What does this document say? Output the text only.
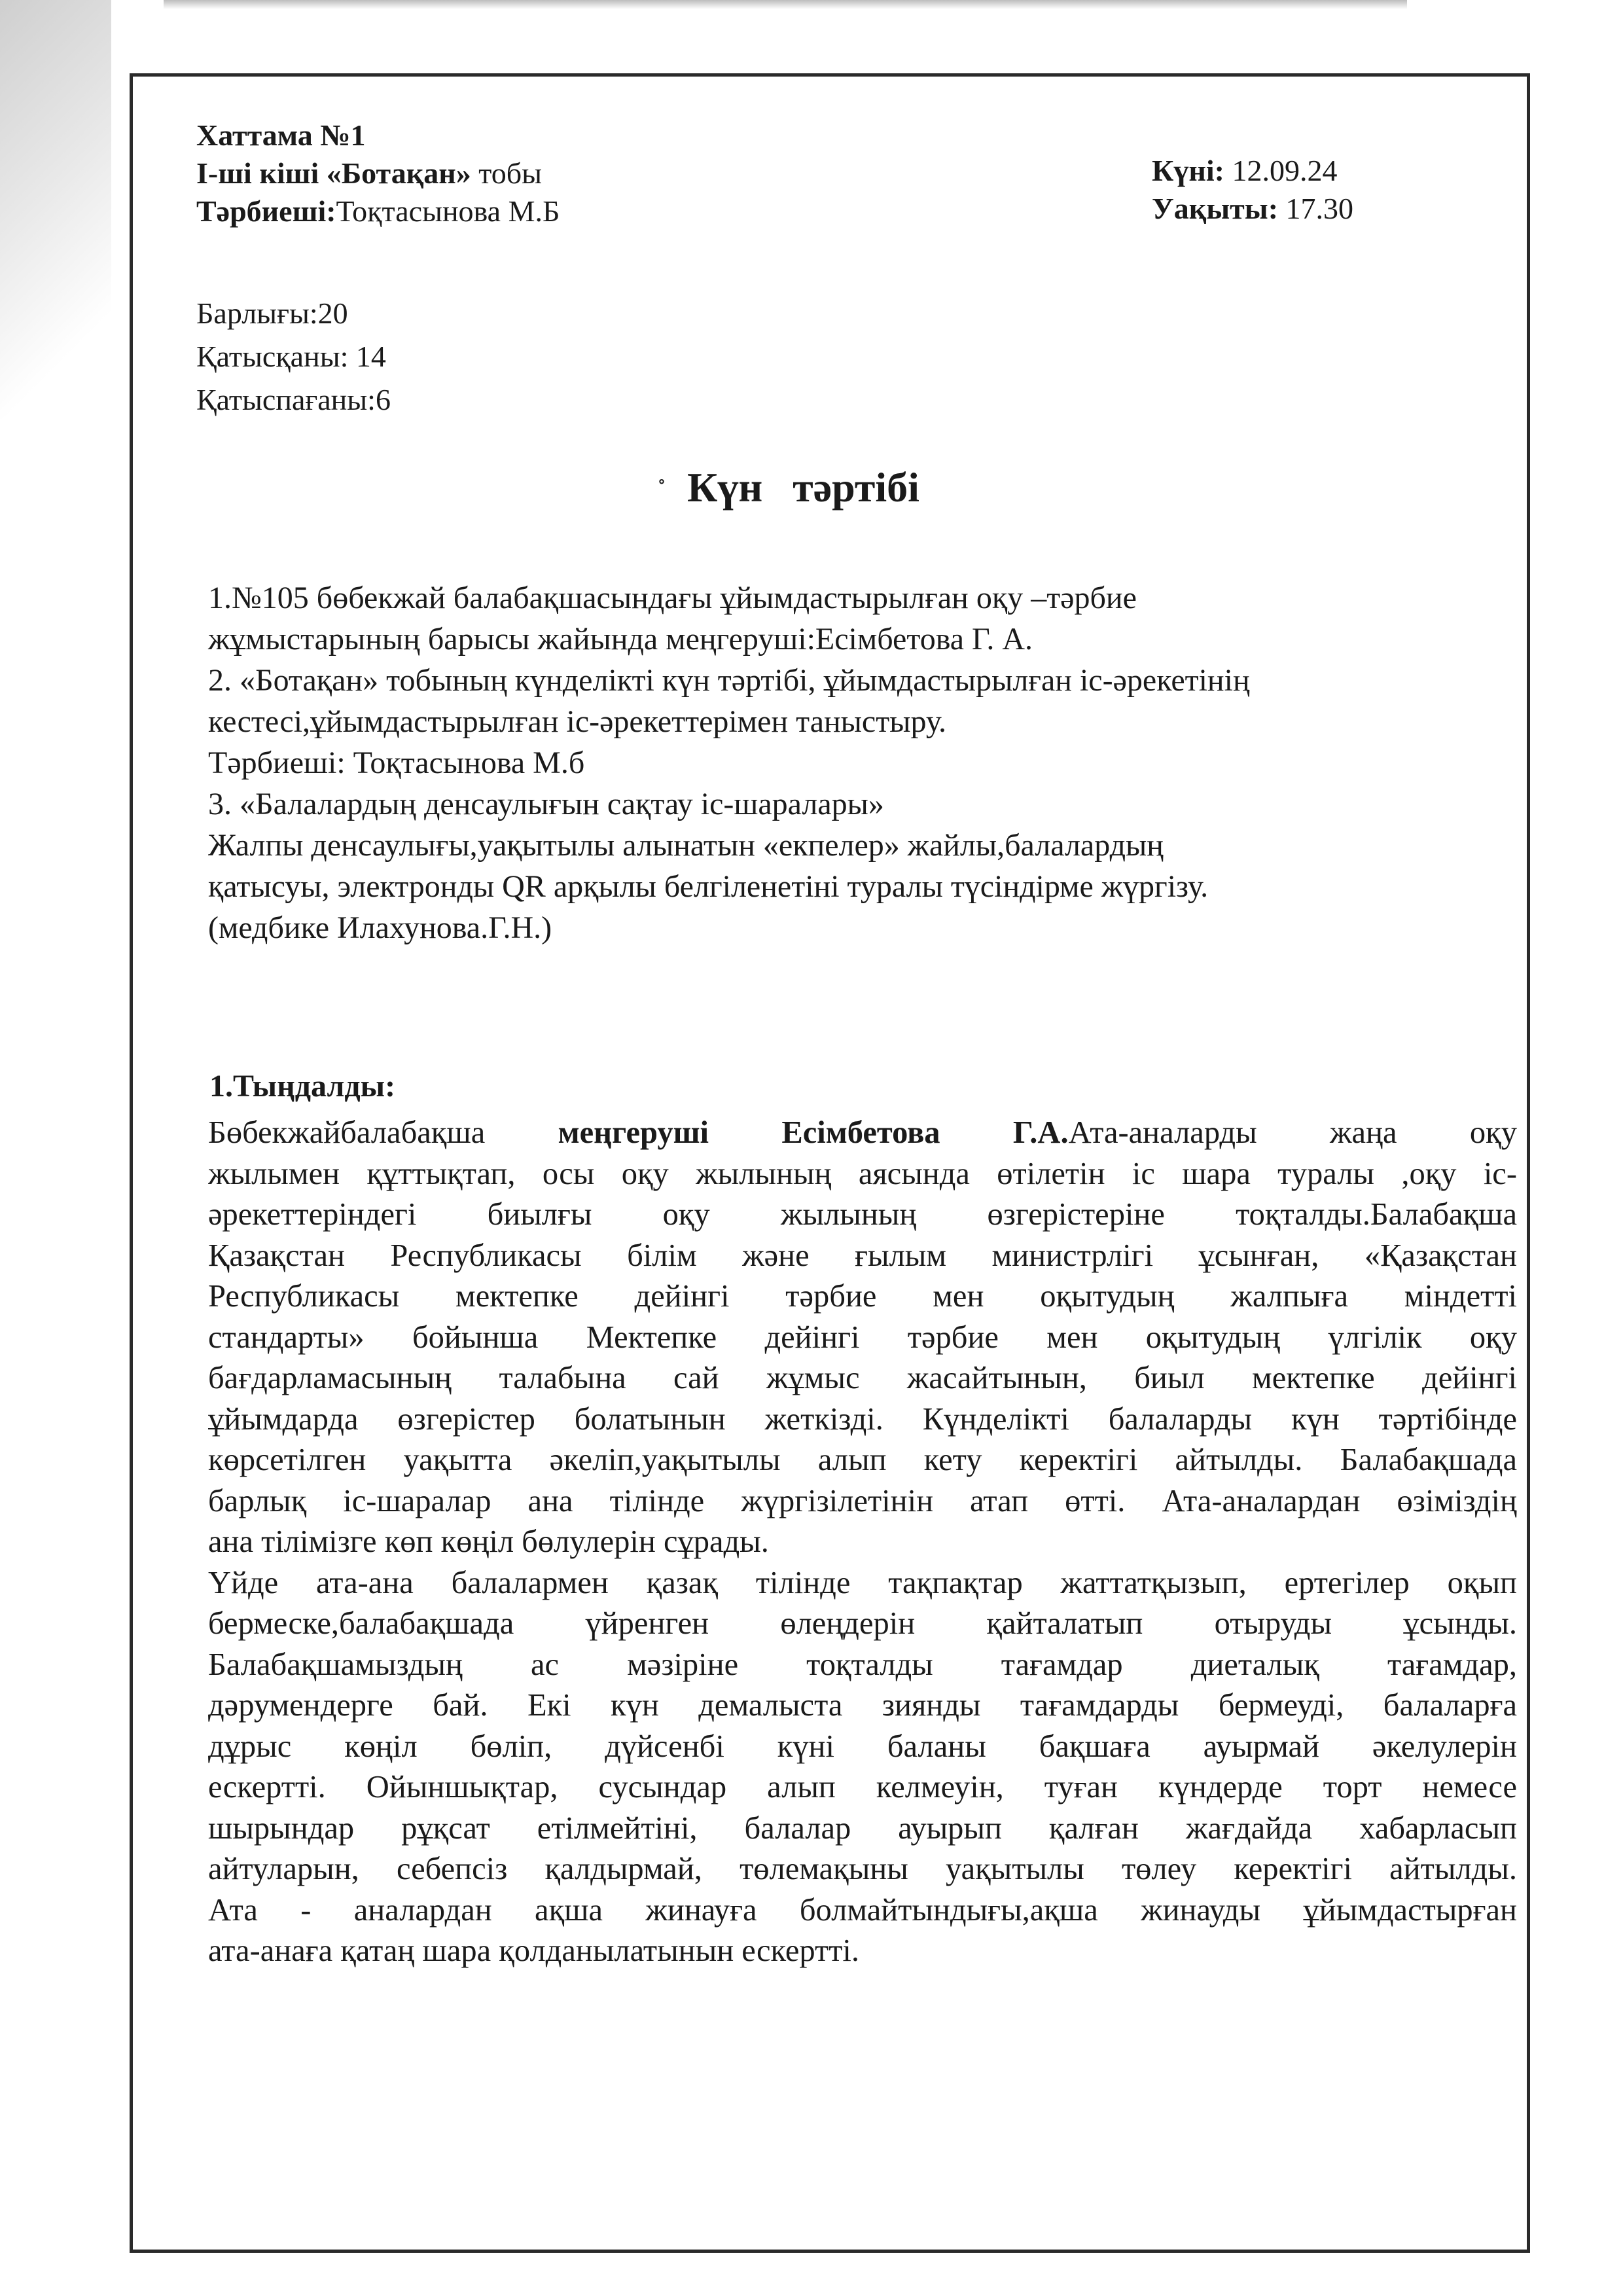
Хаттама №1
І-ші кіші «Ботақан» тобы
Тәрбиеші:Тоқтасынова М.Б
Күні: 12.09.24
Уақыты: 17.30
Барлығы:20
Қатысқаны: 14
Қатыспағаны:6
˚ Күн тәртібі
1.№105 бөбекжай балабақшасындағы ұйымдастырылған оқу –тәрбие
жұмыстарының барысы жайында меңгеруші:Есімбетова Г. А.
2. «Ботақан» тобының күнделікті күн тәртібі, ұйымдастырылған іс-әрекетінің
кестесі,ұйымдастырылған іс-әрекеттерімен таныстыру.
Тәрбиеші: Тоқтасынова М.б
3. «Балалардың денсаулығын сақтау іс-шаралары»
Жалпы денсаулығы,уақытылы алынатын «екпелер» жайлы,балалардың
қатысуы, электронды QR арқылы белгіленетіні туралы түсіндірме жүргізу.
(медбике Илахунова.Г.Н.)
1.Тыңдалды:
Бөбекжайбалабақша меңгеруші Есімбетова Г.А.Ата-аналарды жаңа оқу
жылымен құттықтап, осы оқу жылының аясында өтілетін іс шара туралы ,оқу іс-
әрекеттеріндегі биылғы оқу жылының өзгерістеріне тоқталды.Балабақша
Қазақстан Республикасы білім және ғылым министрлігі ұсынған, «Қазақстан
Республикасы мектепке дейінгі тәрбие мен оқытудың жалпыға міндетті
стандарты» бойынша Мектепке дейінгі тәрбие мен оқытудың үлгілік оқу
бағдарламасының талабына сай жұмыс жасайтынын, биыл мектепке дейінгі
ұйымдарда өзгерістер болатынын жеткізді. Күнделікті балаларды күн тәртібінде
көрсетілген уақытта әкеліп,уақытылы алып кету керектігі айтылды. Балабақшада
барлық іс-шаралар ана тілінде жүргізілетінін атап өтті. Ата-аналардан өзіміздің
ана тілімізге көп көңіл бөлулерін сұрады.
Үйде ата-ана балалармен қазақ тілінде тақпақтар жаттатқызып, ертегілер оқып
бермеске,балабақшада үйренген өлеңдерін қайталатып отыруды ұсынды.
Балабақшамыздың ас мәзіріне тоқталды тағамдар диеталық тағамдар,
дәрумендерге бай. Екі күн демалыста зиянды тағамдарды бермеуді, балаларға
дұрыс көңіл бөліп, дүйсенбі күні баланы бақшаға ауырмай әкелулерін
ескертті. Ойыншықтар, сусындар алып келмеуін, туған күндерде торт немесе
шырындар рұқсат етілмейтіні, балалар ауырып қалған жағдайда хабарласып
айтуларын, себепсіз қалдырмай, төлемақыны уақытылы төлеу керектігі айтылды.
Ата - аналардан ақша жинауға болмайтындығы,ақша жинауды ұйымдастырған
ата-анаға қатаң шара қолданылатынын ескертті.
